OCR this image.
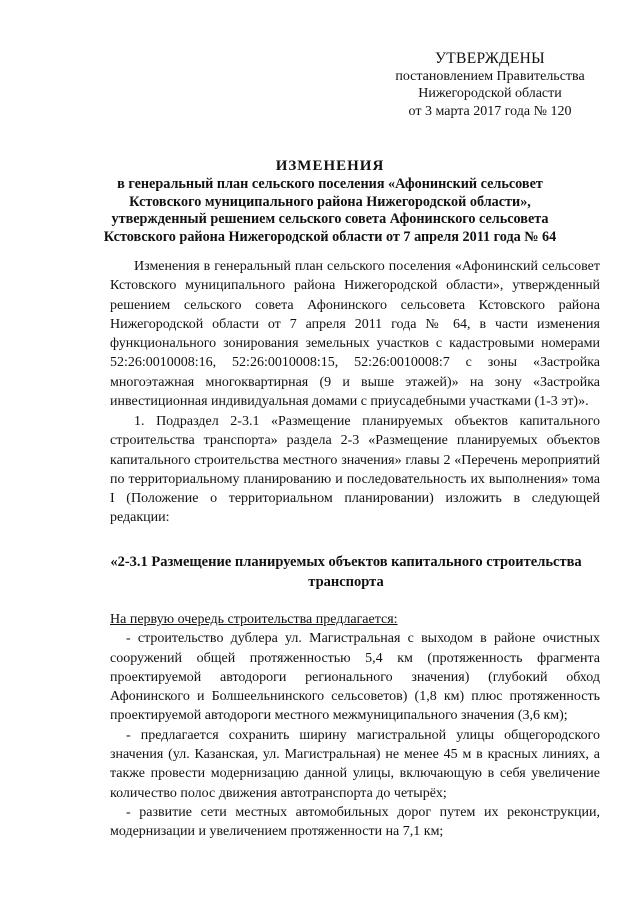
УТВЕРЖДЕНЫ
постановлением Правительства
Нижегородской области
от 3 марта 2017 года № 120
ИЗМЕНЕНИЯ
в генеральный план сельского поселения «Афонинский сельсовет
Кстовского муниципального района Нижегородской области»,
утвержденный решением сельского совета Афонинского сельсовета
Кстовского района Нижегородской области от 7 апреля 2011 года № 64

Изменения в генеральный план сельского поселения «Афонинский сельсовет Кстовского муниципального района Нижегородской области», утвержденный решением сельского совета Афонинского сельсовета Кстовского района Нижегородской области от 7 апреля 2011 года № 64, в части изменения функционального зонирования земельных участков с кадастровыми номерами 52:26:0010008:16, 52:26:0010008:15, 52:26:0010008:7 с зоны «Застройка многоэтажная многоквартирная (9 и выше этажей)» на зону «Застройка инвестиционная индивидуальная домами с приусадебными участками (1-3 эт)».

1. Подраздел 2-3.1 «Размещение планируемых объектов капитального строительства транспорта» раздела 2-3 «Размещение планируемых объектов капитального строительства местного значения» главы 2 «Перечень мероприятий по территориальному планированию и последовательность их выполнения» тома I (Положение о территориальном планировании) изложить в следующей редакции:

«2-3.1 Размещение планируемых объектов капитального строительства транспорта

На первую очередь строительства предлагается:

- строительство дублера ул. Магистральная с выходом в районе очистных сооружений общей протяженностью 5,4 км (протяженность фрагмента проектируемой автодороги регионального значения) (глубокий обход Афонинского и Болшеельнинского сельсоветов) (1,8 км) плюс протяженность проектируемой автодороги местного межмуниципального значения (3,6 км);

- предлагается сохранить ширину магистральной улицы общегородского значения (ул. Казанская, ул. Магистральная) не менее 45 м в красных линиях, а также провести модернизацию данной улицы, включающую в себя увеличение количество полос движения автотранспорта до четырёх;

- развитие сети местных автомобильных дорог путем их реконструкции, модернизации и увеличением протяженности на 7,1 км;
